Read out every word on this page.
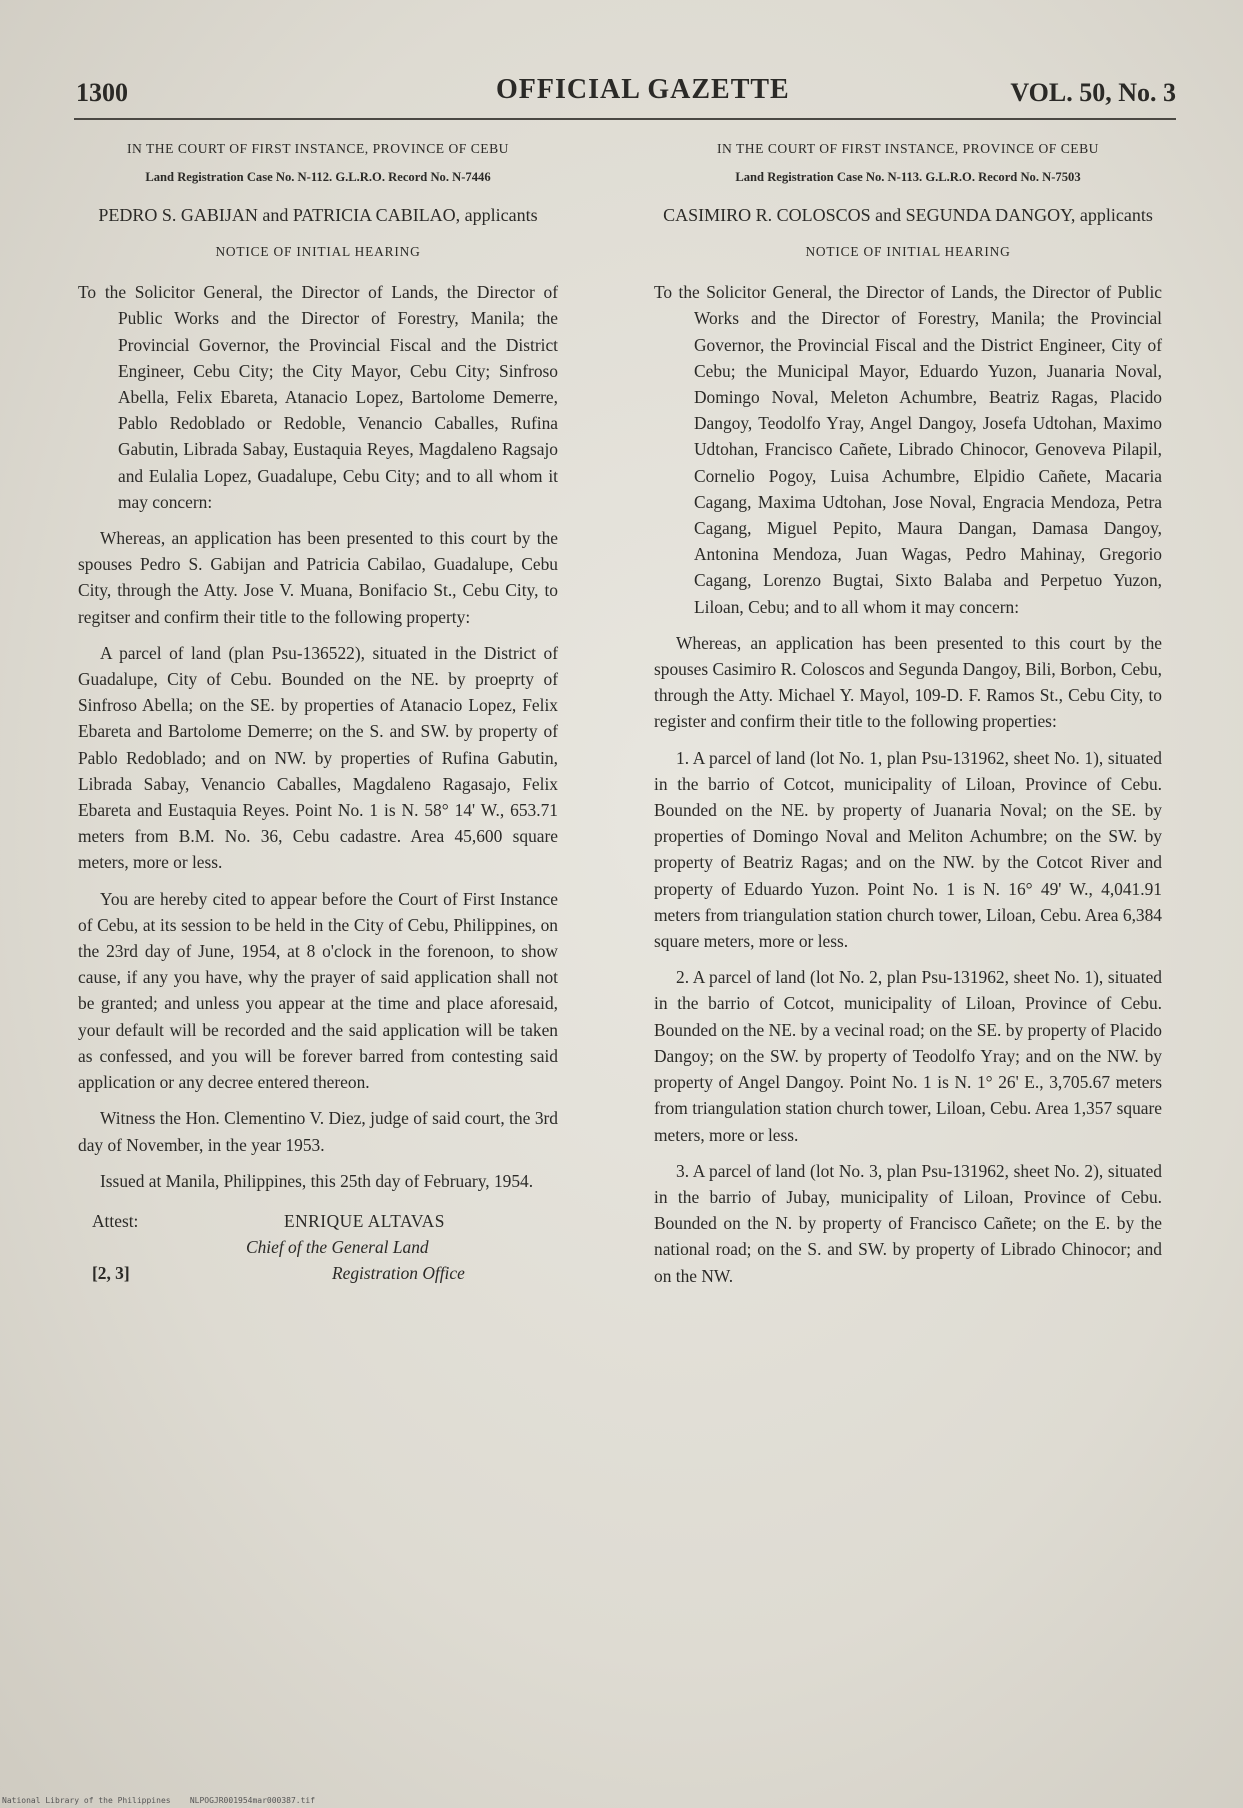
1300	OFFICIAL GAZETTE	VOL. 50, No. 3
IN THE COURT OF FIRST INSTANCE, PROVINCE OF CEBU
Land Registration Case No. N-112. G.L.R.O. Record No. N-7446
PEDRO S. GABIJAN and PATRICIA CABILAO, applicants
NOTICE OF INITIAL HEARING
To the Solicitor General, the Director of Lands, the Director of Public Works and the Director of Forestry, Manila; the Provincial Governor, the Provincial Fiscal and the District Engineer, Cebu City; the City Mayor, Cebu City; Sinfroso Abella, Felix Ebareta, Atanacio Lopez, Bartolome Demerre, Pablo Redoblado or Redoble, Venancio Caballes, Rufina Gabutin, Librada Sabay, Eustaquia Reyes, Magdaleno Ragsajo and Eulalia Lopez, Guadalupe, Cebu City; and to all whom it may concern:

Whereas, an application has been presented to this court by the spouses Pedro S. Gabijan and Patricia Cabilao, Guadalupe, Cebu City, through the Atty. Jose V. Muana, Bonifacio St., Cebu City, to regitser and confirm their title to the following property:

A parcel of land (plan Psu-136522), situated in the District of Guadalupe, City of Cebu. Bounded on the NE. by proeprty of Sinfroso Abella; on the SE. by properties of Atanacio Lopez, Felix Ebareta and Bartolome Demerre; on the S. and SW. by property of Pablo Redoblado; and on NW. by properties of Rufina Gabutin, Librada Sabay, Venancio Caballes, Magdaleno Ragasajo, Felix Ebareta and Eustaquia Reyes. Point No. 1 is N. 58° 14' W., 653.71 meters from B.M. No. 36, Cebu cadastre. Area 45,600 square meters, more or less.

You are hereby cited to appear before the Court of First Instance of Cebu, at its session to be held in the City of Cebu, Philippines, on the 23rd day of June, 1954, at 8 o'clock in the forenoon, to show cause, if any you have, why the prayer of said application shall not be granted; and unless you appear at the time and place aforesaid, your default will be recorded and the said application will be taken as confessed, and you will be forever barred from contesting said application or any decree entered thereon.

Witness the Hon. Clementino V. Diez, judge of said court, the 3rd day of November, in the year 1953.

Issued at Manila, Philippines, this 25th day of February, 1954.

Attest:	ENRIQUE ALTAVAS
Chief of the General Land
Registration Office
[2, 3]
IN THE COURT OF FIRST INSTANCE, PROVINCE OF CEBU
Land Registration Case No. N-113. G.L.R.O. Record No. N-7503
CASIMIRO R. COLOSCOS and SEGUNDA DANGOY, applicants
NOTICE OF INITIAL HEARING
To the Solicitor General, the Director of Lands, the Director of Public Works and the Director of Forestry, Manila; the Provincial Governor, the Provincial Fiscal and the District Engineer, City of Cebu; the Municipal Mayor, Eduardo Yuzon, Juanaria Noval, Domingo Noval, Meleton Achumbre, Beatriz Ragas, Placido Dangoy, Teodolfo Yray, Angel Dangoy, Josefa Udtohan, Maximo Udtohan, Francisco Cañete, Librado Chinocor, Genoveva Pilapil, Cornelio Pogoy, Luisa Achumbre, Elpidio Cañete, Macaria Cagang, Maxima Udtohan, Jose Noval, Engracia Mendoza, Petra Cagang, Miguel Pepito, Maura Dangan, Damasa Dangoy, Antonina Mendoza, Juan Wagas, Pedro Mahinay, Gregorio Cagang, Lorenzo Bugtai, Sixto Balaba and Perpetuo Yuzon, Liloan, Cebu; and to all whom it may concern:

Whereas, an application has been presented to this court by the spouses Casimiro R. Coloscos and Segunda Dangoy, Bili, Borbon, Cebu, through the Atty. Michael Y. Mayol, 109-D. F. Ramos St., Cebu City, to register and confirm their title to the following properties:

1. A parcel of land (lot No. 1, plan Psu-131962, sheet No. 1), situated in the barrio of Cotcot, municipality of Liloan, Province of Cebu. Bounded on the NE. by property of Juanaria Noval; on the SE. by properties of Domingo Noval and Meliton Achumbre; on the SW. by property of Beatriz Ragas; and on the NW. by the Cotcot River and property of Eduardo Yuzon. Point No. 1 is N. 16° 49' W., 4,041.91 meters from triangulation station church tower, Liloan, Cebu. Area 6,384 square meters, more or less.

2. A parcel of land (lot No. 2, plan Psu-131962, sheet No. 1), situated in the barrio of Cotcot, municipality of Liloan, Province of Cebu. Bounded on the NE. by a vecinal road; on the SE. by property of Placido Dangoy; on the SW. by property of Teodolfo Yray; and on the NW. by property of Angel Dangoy. Point No. 1 is N. 1° 26' E., 3,705.67 meters from triangulation station church tower, Liloan, Cebu. Area 1,357 square meters, more or less.

3. A parcel of land (lot No. 3, plan Psu-131962, sheet No. 2), situated in the barrio of Jubay, municipality of Liloan, Province of Cebu. Bounded on the N. by property of Francisco Cañete; on the E. by the national road; on the S. and SW. by property of Librado Chinocor; and on the NW.

National Library of the Philippines    NLPOGJR001954mar000387.tif
